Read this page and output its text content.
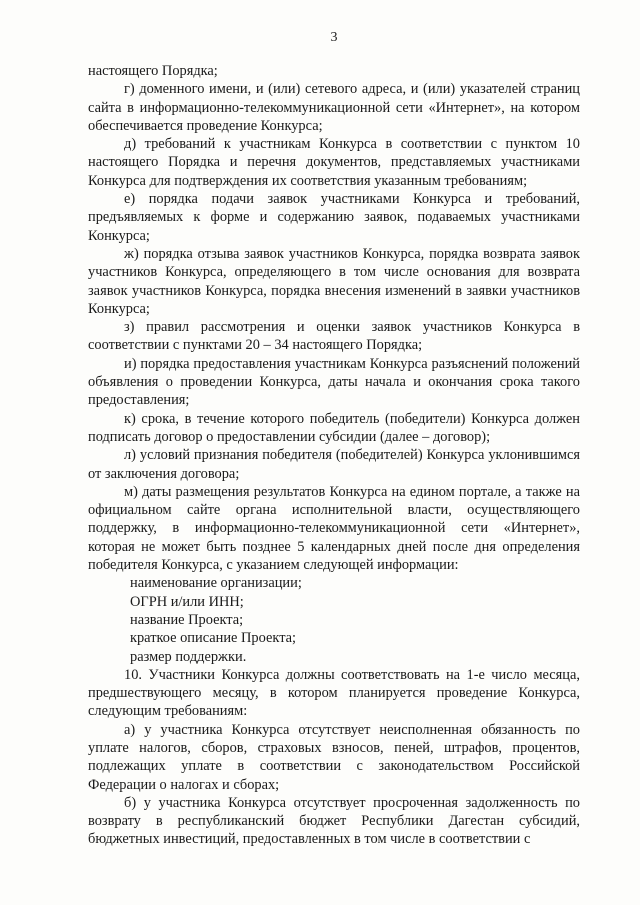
3

настоящего Порядка;

г) доменного имени, и (или) сетевого адреса, и (или) указателей страниц сайта в информационно-телекоммуникационной сети «Интернет», на котором обеспечивается проведение Конкурса;

д) требований к участникам Конкурса в соответствии с пунктом 10 настоящего Порядка и перечня документов, представляемых участниками Конкурса для подтверждения их соответствия указанным требованиям;

е) порядка подачи заявок участниками Конкурса и требований, предъявляемых к форме и содержанию заявок, подаваемых участниками Конкурса;

ж) порядка отзыва заявок участников Конкурса, порядка возврата заявок участников Конкурса, определяющего в том числе основания для возврата заявок участников Конкурса, порядка внесения изменений в заявки участников Конкурса;

з) правил рассмотрения и оценки заявок участников Конкурса в соответствии с пунктами 20 – 34 настоящего Порядка;

и) порядка предоставления участникам Конкурса разъяснений положений объявления о проведении Конкурса, даты начала и окончания срока такого предоставления;

к) срока, в течение которого победитель (победители) Конкурса должен подписать договор о предоставлении субсидии (далее – договор);

л) условий признания победителя (победителей) Конкурса уклонившимся от заключения договора;

м) даты размещения результатов Конкурса на едином портале, а также на официальном сайте органа исполнительной власти, осуществляющего поддержку, в информационно-телекоммуникационной сети «Интернет», которая не может быть позднее 5 календарных дней после дня определения победителя Конкурса, с указанием следующей информации:

наименование организации;

ОГРН и/или ИНН;

название Проекта;

краткое описание Проекта;

размер поддержки.

10. Участники Конкурса должны соответствовать на 1-е число месяца, предшествующего месяцу, в котором планируется проведение Конкурса, следующим требованиям:

а) у участника Конкурса отсутствует неисполненная обязанность по уплате налогов, сборов, страховых взносов, пеней, штрафов, процентов, подлежащих уплате в соответствии с законодательством Российской Федерации о налогах и сборах;

б) у участника Конкурса отсутствует просроченная задолженность по возврату в республиканский бюджет Республики Дагестан субсидий, бюджетных инвестиций, предоставленных в том числе в соответствии с
